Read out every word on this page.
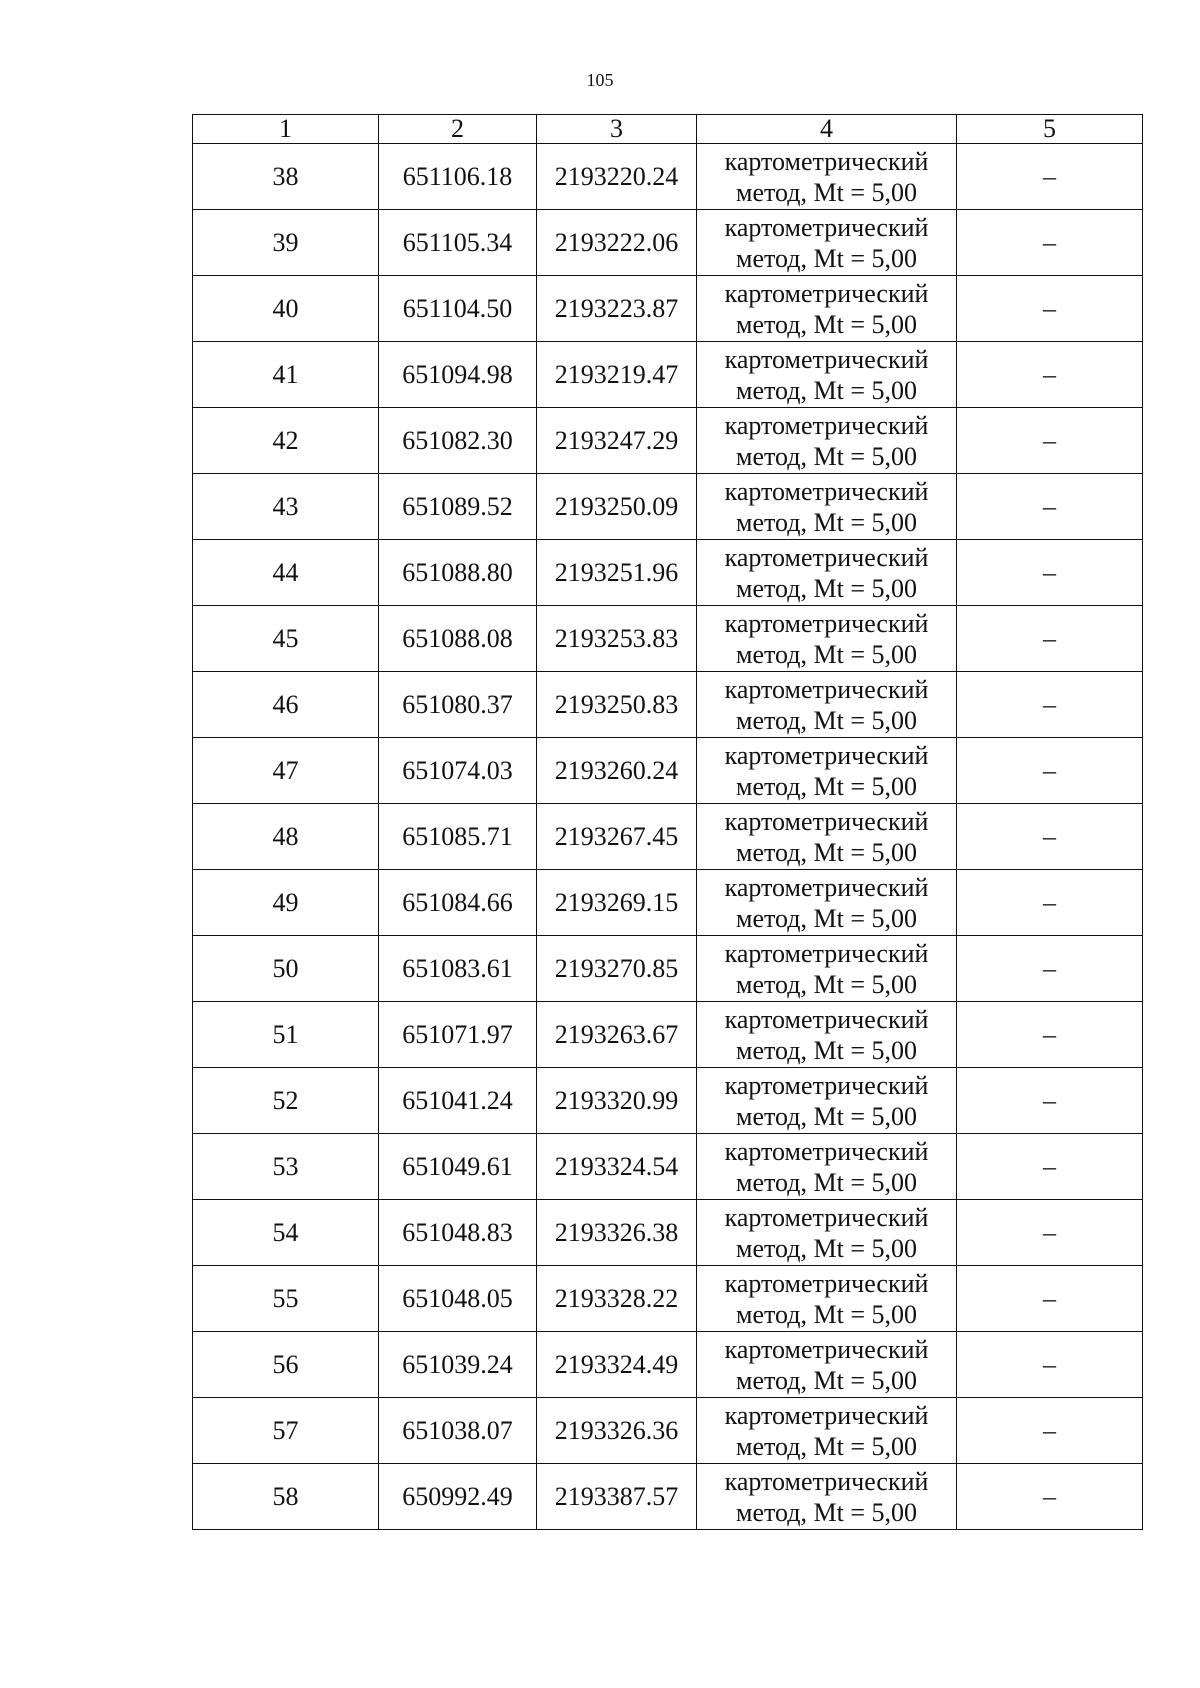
105
1	2	3	4	5
38	651106.18	2193220.24	картометрический
метод, Mt = 5,00	–
39	651105.34	2193222.06	картометрический
метод, Mt = 5,00	–
40	651104.50	2193223.87	картометрический
метод, Mt = 5,00	–
41	651094.98	2193219.47	картометрический
метод, Mt = 5,00	–
42	651082.30	2193247.29	картометрический
метод, Mt = 5,00	–
43	651089.52	2193250.09	картометрический
метод, Mt = 5,00	–
44	651088.80	2193251.96	картометрический
метод, Mt = 5,00	–
45	651088.08	2193253.83	картометрический
метод, Mt = 5,00	–
46	651080.37	2193250.83	картометрический
метод, Mt = 5,00	–
47	651074.03	2193260.24	картометрический
метод, Mt = 5,00	–
48	651085.71	2193267.45	картометрический
метод, Mt = 5,00	–
49	651084.66	2193269.15	картометрический
метод, Mt = 5,00	–
50	651083.61	2193270.85	картометрический
метод, Mt = 5,00	–
51	651071.97	2193263.67	картометрический
метод, Mt = 5,00	–
52	651041.24	2193320.99	картометрический
метод, Mt = 5,00	–
53	651049.61	2193324.54	картометрический
метод, Mt = 5,00	–
54	651048.83	2193326.38	картометрический
метод, Mt = 5,00	–
55	651048.05	2193328.22	картометрический
метод, Mt = 5,00	–
56	651039.24	2193324.49	картометрический
метод, Mt = 5,00	–
57	651038.07	2193326.36	картометрический
метод, Mt = 5,00	–
58	650992.49	2193387.57	картометрический
метод, Mt = 5,00	–
